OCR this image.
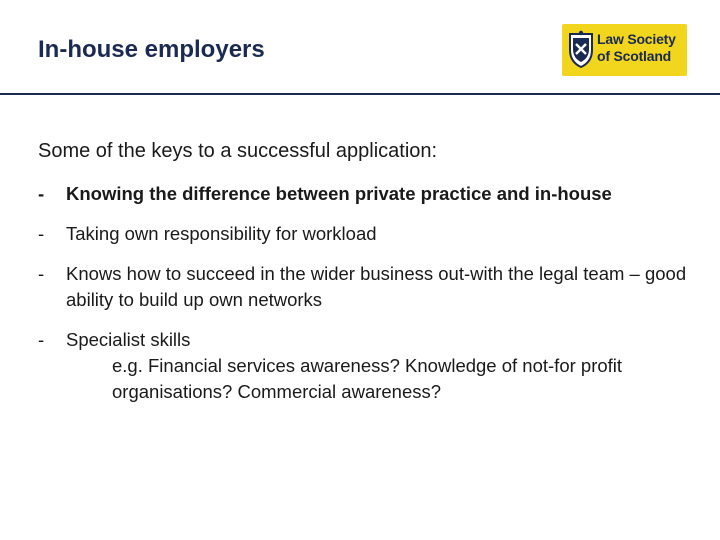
In-house employers	Law Society
of Scotland

Some of the keys to a successful application:

- Knowing the difference between private practice and in-house
- Taking own responsibility for workload
- Knows how to succeed in the wider business out-with the legal team – good ability to build up own networks
- Specialist skills
e.g. Financial services awareness? Knowledge of not-for profit organisations? Commercial awareness?
